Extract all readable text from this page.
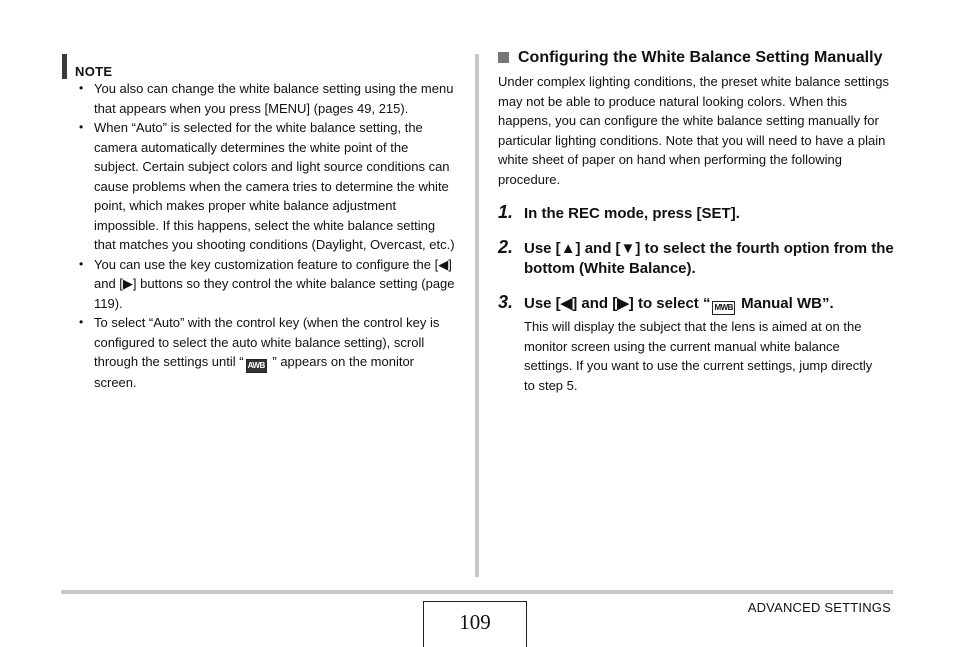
NOTE
• You also can change the white balance setting using the menu that appears when you press [MENU] (pages 49, 215).
• When “Auto” is selected for the white balance setting, the camera automatically determines the white point of the subject. Certain subject colors and light source conditions can cause problems when the camera tries to determine the white point, which makes proper white balance adjustment impossible. If this happens, select the white balance setting that matches you shooting conditions (Daylight, Overcast, etc.)
• You can use the key customization feature to configure the [◀] and [▶] buttons so they control the white balance setting (page 119).
• To select “Auto” with the control key (when the control key is configured to select the auto white balance setting), scroll through the settings until “ AWB ” appears on the monitor screen.
Configuring the White Balance Setting Manually
Under complex lighting conditions, the preset white balance settings may not be able to produce natural looking colors. When this happens, you can configure the white balance setting manually for particular lighting conditions. Note that you will need to have a plain white sheet of paper on hand when performing the following procedure.
1. In the REC mode, press [SET].
2. Use [▲] and [▼] to select the fourth option from the bottom (White Balance).
3. Use [◀] and [▶] to select “ MWB Manual WB”.
This will display the subject that the lens is aimed at on the monitor screen using the current manual white balance settings. If you want to use the current settings, jump directly to step 5.
109
ADVANCED SETTINGS
